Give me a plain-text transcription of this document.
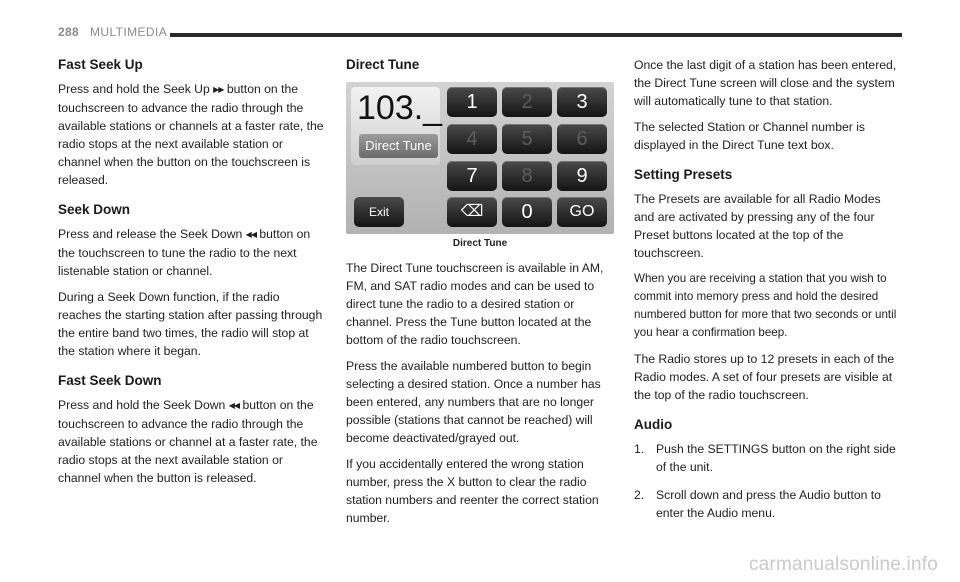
288 MULTIMEDIA
Fast Seek Up

Press and hold the Seek Up ▶▶ button on the touchscreen to advance the radio through the available stations or channels at a faster rate, the radio stops at the next available station or channel when the button on the touchscreen is released.

Seek Down

Press and release the Seek Down ◀◀ button on the touchscreen to tune the radio to the next listenable station or channel.

During a Seek Down function, if the radio reaches the starting station after passing through the entire band two times, the radio will stop at the station where it began.

Fast Seek Down

Press and hold the Seek Down ◀◀ button on the touchscreen to advance the radio through the available stations or channel at a faster rate, the radio stops at the next available station or channel when the button is released.

Direct Tune
103._
Direct Tune
1	2	3
4	5	6
7	8	9
Exit	⌫	0	GO
Direct Tune

The Direct Tune touchscreen is available in AM, FM, and SAT radio modes and can be used to direct tune the radio to a desired station or channel. Press the Tune button located at the bottom of the radio touchscreen.

Press the available numbered button to begin selecting a desired station. Once a number has been entered, any numbers that are no longer possible (stations that cannot be reached) will become deactivated/grayed out.

If you accidentally entered the wrong station number, press the X button to clear the radio station numbers and reenter the correct station number.

Once the last digit of a station has been entered, the Direct Tune screen will close and the system will automatically tune to that station.

The selected Station or Channel number is displayed in the Direct Tune text box.

Setting Presets

The Presets are available for all Radio Modes and are activated by pressing any of the four Preset buttons located at the top of the touchscreen.

When you are receiving a station that you wish to commit into memory press and hold the desired numbered button for more that two seconds or until you hear a confirmation beep.

The Radio stores up to 12 presets in each of the Radio modes. A set of four presets are visible at the top of the radio touchscreen.

Audio
1. Push the SETTINGS button on the right side of the unit.
2. Scroll down and press the Audio button to enter the Audio menu.
carmanualsonline.info
